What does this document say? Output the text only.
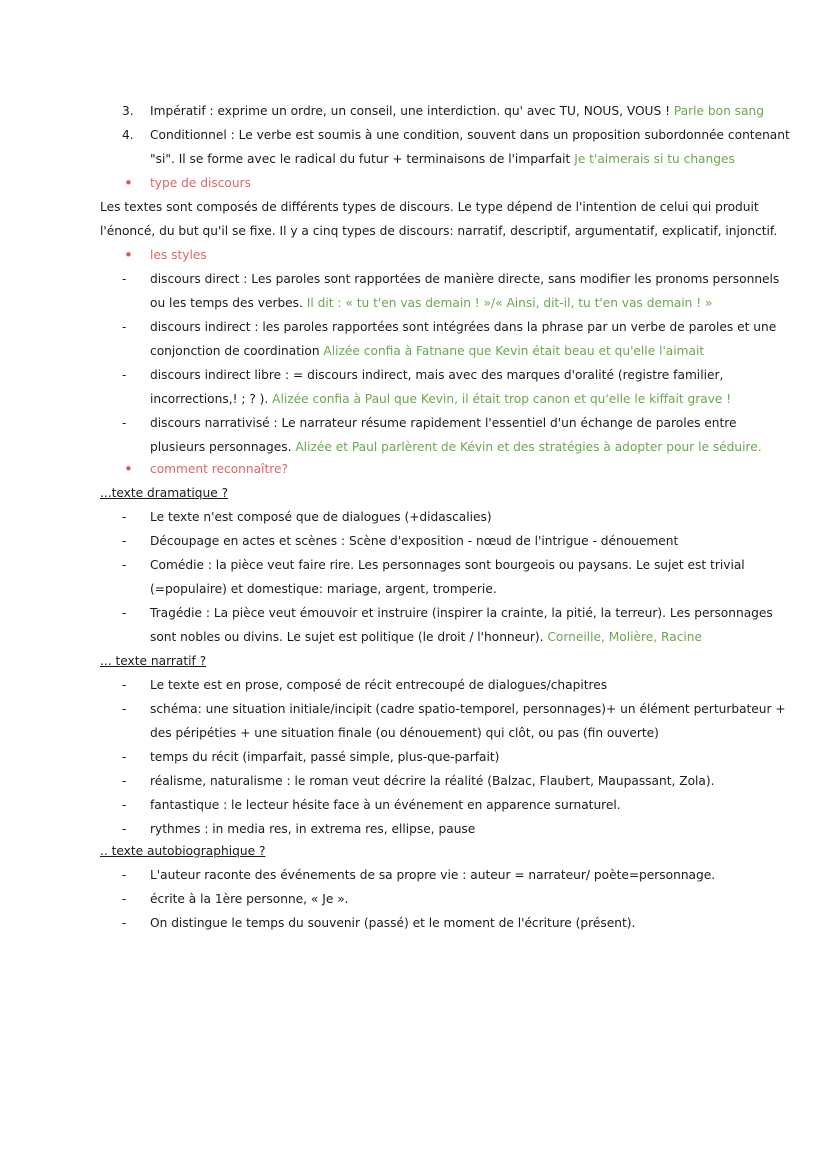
3.	Impératif : exprime un ordre, un conseil, une interdiction. qu' avec TU, NOUS, VOUS ! Parle bon sang
4.	Conditionnel : Le verbe est soumis à une condition, souvent dans un proposition subordonnée contenant
"si". Il se forme avec le radical du futur + terminaisons de l'imparfait Je t'aimerais si tu changes
•	type de discours
Les textes sont composés de différents types de discours. Le type dépend de l'intention de celui qui produit
l'énoncé, du but qu'il se fixe. Il y a cinq types de discours: narratif, descriptif, argumentatif, explicatif, injonctif.
•	les styles
-	discours direct : Les paroles sont rapportées de manière directe, sans modifier les pronoms personnels
ou les temps des verbes. Il dit : « tu t'en vas demain ! »/« Ainsi, dit-il, tu t'en vas demain ! »
-	discours indirect : les paroles rapportées sont intégrées dans la phrase par un verbe de paroles et une
conjonction de coordination Alizée confia à Fatnane que Kevin était beau et qu'elle l'aimait
-	discours indirect libre : = discours indirect, mais avec des marques d'oralité (registre familier,
incorrections,! ; ? ). Alizée confia à Paul que Kevin, il était trop canon et qu'elle le kiffait grave !
-	discours narrativisé : Le narrateur résume rapidement l'essentiel d'un échange de paroles entre
plusieurs personnages. Alizée et Paul parlèrent de Kévin et des stratégies à adopter pour le séduire.
•	comment reconnaître?
...texte dramatique ?
-	Le texte n'est composé que de dialogues (+didascalies)
-	Découpage en actes et scènes : Scène d'exposition - nœud de l'intrigue - dénouement
-	Comédie : la pièce veut faire rire. Les personnages sont bourgeois ou paysans. Le sujet est trivial
(=populaire) et domestique: mariage, argent, tromperie.
-	Tragédie : La pièce veut émouvoir et instruire (inspirer la crainte, la pitié, la terreur). Les personnages
sont nobles ou divins. Le sujet est politique (le droit / l'honneur). Corneille, Molière, Racine
... texte narratif ?
-	Le texte est en prose, composé de récit entrecoupé de dialogues/chapitres
-	schéma: une situation initiale/incipit (cadre spatio-temporel, personnages)+ un élément perturbateur +
des péripéties + une situation finale (ou dénouement) qui clôt, ou pas (fin ouverte)
-	temps du récit (imparfait, passé simple, plus-que-parfait)
-	réalisme, naturalisme : le roman veut décrire la réalité (Balzac, Flaubert, Maupassant, Zola).
-	fantastique : le lecteur hésite face à un événement en apparence surnaturel.
-	rythmes : in media res, in extrema res, ellipse, pause
.. texte autobiographique ?
-	L'auteur raconte des événements de sa propre vie : auteur = narrateur/ poète=personnage.
-	écrite à la 1ère personne, « Je ».
-	On distingue le temps du souvenir (passé) et le moment de l'écriture (présent).
